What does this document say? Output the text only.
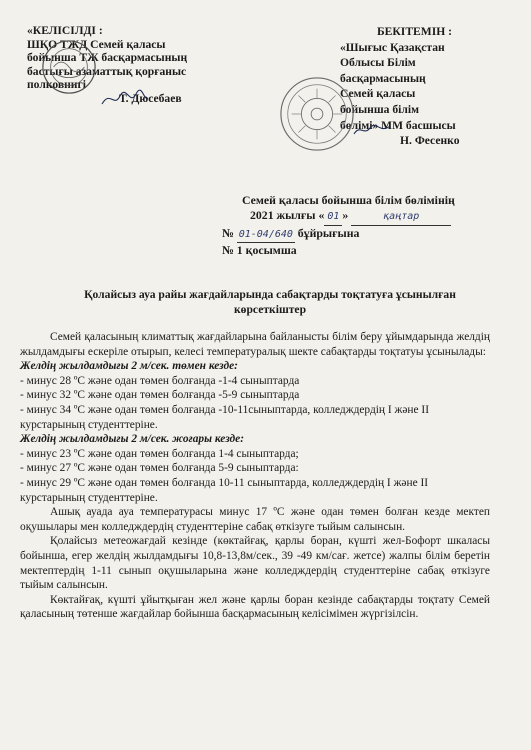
«КЕЛІСІЛДІ :
ШҚО ТЖД Семей қаласы
бойынша ТЖ басқармасының
бастығы азаматтық қорғаныс
полковнигі
Т. Дюсебаев
БЕКІТЕМІН :
«Шығыс Қазақстан
Облысы Білім
басқармасының
Семей қаласы
бойынша білім
бөлімі» ММ басшысы
Н. Фесенко
Семей қаласы бойынша білім бөлімінің
2021 жылғы « 01 »	қаңтар
№ 01-04/640 бұйрығына
№ 1 қосымша
Қолайсыз ауа райы жағдайларында сабақтарды тоқтатуға ұсынылған
көрсеткіштер

Семей қаласының климаттық жағдайларына байланысты білім беру ұйымдарында желдің жылдамдығы ескеріле отырып, келесі температуралық шекте сабақтарды тоқтатуы ұсынылады:

Желдің жылдамдығы 2 м/сек. төмен кезде:

- минус 28 ºС және одан төмен болғанда -1-4 сыныптарда
- минус 32 ºС және одан төмен болғанда -5-9 сыныптарда
- минус 34 ºС және одан төмен болғанда -10-11сыныптарда, колледждердің І және ІІ курстарының студенттеріне.

Желдің жылдамдығы 2 м/сек. жоғары кезде:

- минус 23 ºС және одан төмен болғанда 1-4 сыныптарда;
- минус 27 ºС және одан төмен болғанда 5-9 сыныптарда:
- минус 29 ºС және одан төмен болғанда 10-11 сыныптарда, колледждердің І және ІІ курстарының студенттеріне.

Ашық ауада ауа температурасы минус 17 ºС және одан төмен болған кезде мектеп оқушылары мен колледждердің студенттеріне сабақ өткізуге тыйым салынсын.

Қолайсыз метеожағдай кезінде (көктайғақ, қарлы боран, күшті жел-Бофорт шкаласы бойынша, егер желдің жылдамдығы 10,8-13,8м/сек., 39 -49 км/сағ. жетсе) жалпы білім беретін мектептердің 1-11 сынып оқушыларына және колледждердің студенттеріне сабақ өткізуге тыйым салынсын.

Көктайғақ, күшті ұйытқыған жел және қарлы боран кезінде сабақтарды тоқтату Семей қаласының төтенше жағдайлар бойынша басқармасының келісімімен жүргізілсін.
